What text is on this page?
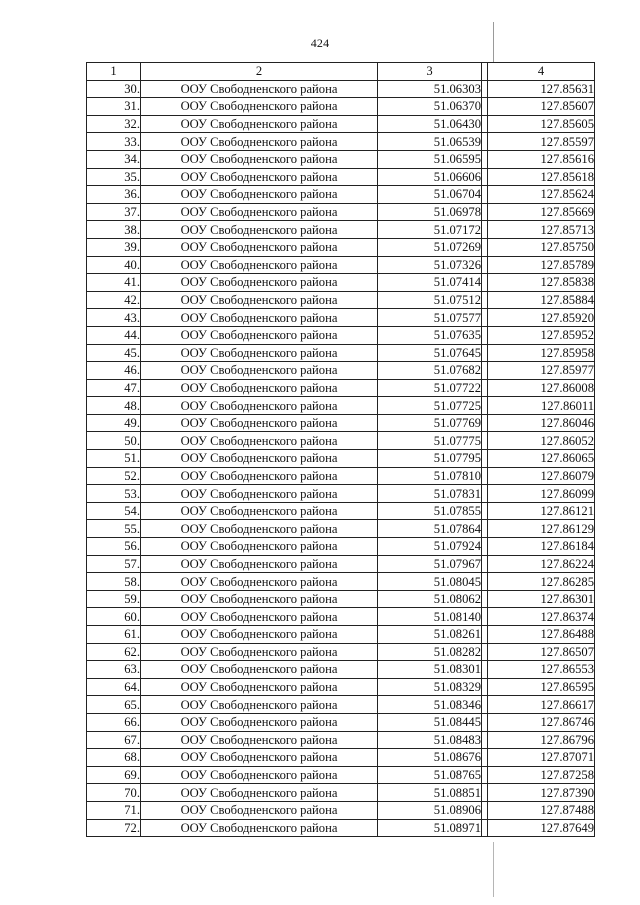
424
1	2	3		4
30.	ООУ Свободненского района	51.06303		127.85631
31.	ООУ Свободненского района	51.06370		127.85607
32.	ООУ Свободненского района	51.06430		127.85605
33.	ООУ Свободненского района	51.06539		127.85597
34.	ООУ Свободненского района	51.06595		127.85616
35.	ООУ Свободненского района	51.06606		127.85618
36.	ООУ Свободненского района	51.06704		127.85624
37.	ООУ Свободненского района	51.06978		127.85669
38.	ООУ Свободненского района	51.07172		127.85713
39.	ООУ Свободненского района	51.07269		127.85750
40.	ООУ Свободненского района	51.07326		127.85789
41.	ООУ Свободненского района	51.07414		127.85838
42.	ООУ Свободненского района	51.07512		127.85884
43.	ООУ Свободненского района	51.07577		127.85920
44.	ООУ Свободненского района	51.07635		127.85952
45.	ООУ Свободненского района	51.07645		127.85958
46.	ООУ Свободненского района	51.07682		127.85977
47.	ООУ Свободненского района	51.07722		127.86008
48.	ООУ Свободненского района	51.07725		127.86011
49.	ООУ Свободненского района	51.07769		127.86046
50.	ООУ Свободненского района	51.07775		127.86052
51.	ООУ Свободненского района	51.07795		127.86065
52.	ООУ Свободненского района	51.07810		127.86079
53.	ООУ Свободненского района	51.07831		127.86099
54.	ООУ Свободненского района	51.07855		127.86121
55.	ООУ Свободненского района	51.07864		127.86129
56.	ООУ Свободненского района	51.07924		127.86184
57.	ООУ Свободненского района	51.07967		127.86224
58.	ООУ Свободненского района	51.08045		127.86285
59.	ООУ Свободненского района	51.08062		127.86301
60.	ООУ Свободненского района	51.08140		127.86374
61.	ООУ Свободненского района	51.08261		127.86488
62.	ООУ Свободненского района	51.08282		127.86507
63.	ООУ Свободненского района	51.08301		127.86553
64.	ООУ Свободненского района	51.08329		127.86595
65.	ООУ Свободненского района	51.08346		127.86617
66.	ООУ Свободненского района	51.08445		127.86746
67.	ООУ Свободненского района	51.08483		127.86796
68.	ООУ Свободненского района	51.08676		127.87071
69.	ООУ Свободненского района	51.08765		127.87258
70.	ООУ Свободненского района	51.08851		127.87390
71.	ООУ Свободненского района	51.08906		127.87488
72.	ООУ Свободненского района	51.08971		127.87649
